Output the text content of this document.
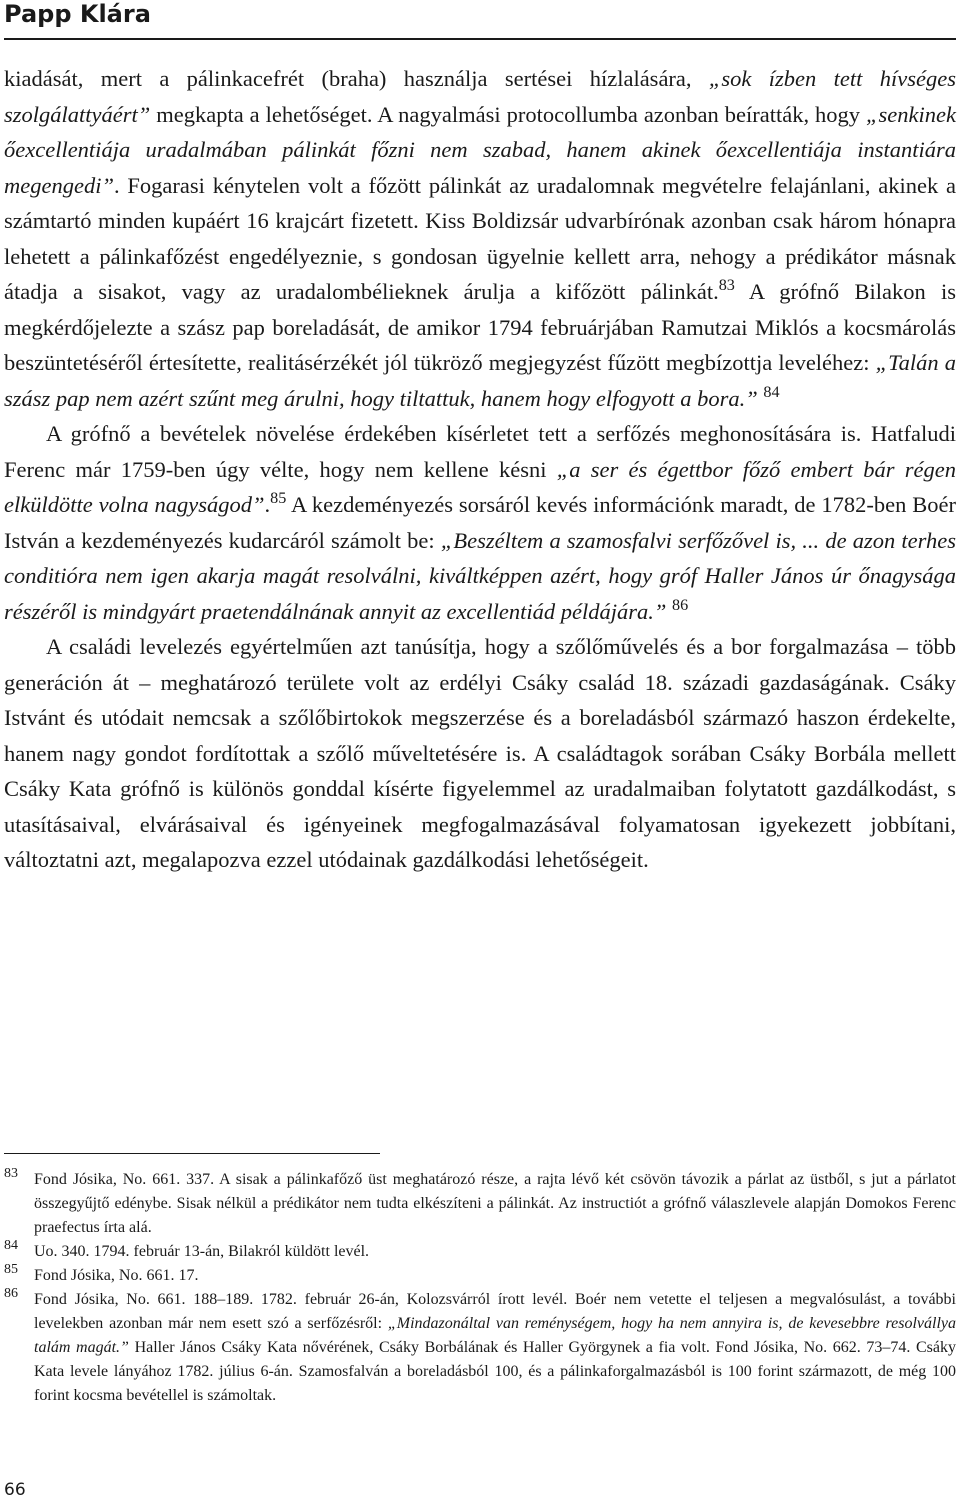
Papp Klára

kiadását, mert a pálinkacefrét (braha) használja sertései hízlalására, „sok ízben tett hívséges szolgálattyáért” megkapta a lehetőséget. A nagyalmási protocollumba azonban beíratták, hogy „senkinek őexcellentiája uradalmában pálinkát főzni nem szabad, hanem akinek őexcellentiája instantiára megengedi”. Fogarasi kénytelen volt a főzött pálinkát az uradalomnak megvételre felajánlani, akinek a számtartó minden kupáért 16 krajcárt fizetett. Kiss Boldizsár udvarbírónak azonban csak három hónapra lehetett a pálinkafőzést engedélyeznie, s gondosan ügyelnie kellett arra, nehogy a prédikátor másnak átadja a sisakot, vagy az uradalombélieknek árulja a kifőzött pálinkát.$^{83}$ A grófnő Bilakon is megkérdőjelezte a szász pap boreladását, de amikor 1794 februárjában Ramutzai Miklós a kocsmárolás beszüntetéséről értesítette, realitásérzékét jól tükröző megjegyzést fűzött megbízottja leveléhez: „Talán a szász pap nem azért szűnt meg árulni, hogy tiltattuk, hanem hogy elfogyott a bora.” $^{84}$

A grófnő a bevételek növelése érdekében kísérletet tett a serfőzés meghonosítására is. Hatfaludi Ferenc már 1759-ben úgy vélte, hogy nem kellene késni „a ser és égettbor főző embert bár régen elküldötte volna nagyságod”.$^{85}$ A kezdeményezés sorsáról kevés információnk maradt, de 1782-ben Boér István a kezdeményezés kudarcáról számolt be: „Beszéltem a szamosfalvi serfőzővel is, ... de azon terhes conditióra nem igen akarja magát resolválni, kiváltképpen azért, hogy gróf Haller János úr őnagysága részéről is mindgyárt praetendálnának annyit az excellentiád példájára.” $^{86}$

A családi levelezés egyértelműen azt tanúsítja, hogy a szőlőművelés és a bor forgalmazása – több generáción át – meghatározó területe volt az erdélyi Csáky család 18. századi gazdaságának. Csáky Istvánt és utódait nemcsak a szőlőbirtokok megszerzése és a boreladásból származó haszon érdekelte, hanem nagy gondot fordítottak a szőlő műveltetésére is. A családtagok sorában Csáky Borbála mellett Csáky Kata grófnő is különös gonddal kísérte figyelemmel az uradalmaiban folytatott gazdálkodást, s utasításaival, elvárásaival és igényeinek megfogalmazásával folyamatosan igyekezett jobbítani, változtatni azt, megalapozva ezzel utódainak gazdálkodási lehetőségeit.

83 Fond Jósika, No. 661. 337. A sisak a pálinkafőző üst meghatározó része, a rajta lévő két csövön távozik a párlat az üstből, s jut a párlatot összegyűjtő edénybe. Sisak nélkül a prédikátor nem tudta elkészíteni a pálinkát. Az instructiót a grófnő válaszlevele alapján Domokos Ferenc praefectus írta alá.
84 Uo. 340. 1794. február 13-án, Bilakról küldött levél.
85 Fond Jósika, No. 661. 17.
86 Fond Jósika, No. 661. 188–189. 1782. február 26-án, Kolozsvárról írott levél. Boér nem vetette el teljesen a megvalósulást, a további levelekben azonban már nem esett szó a serfőzésről: „Mindazonáltal van reménységem, hogy ha nem annyira is, de kevesebbre resolvállya talám magát.” Haller János Csáky Kata nővérének, Csáky Borbálának és Haller Györgynek a fia volt. Fond Jósika, No. 662. 73–74. Csáky Kata levele lányához 1782. július 6-án. Szamosfalván a boreladásból 100, és a pálinkaforgalmazásból is 100 forint származott, de még 100 forint kocsma bevétellel is számoltak.
66
